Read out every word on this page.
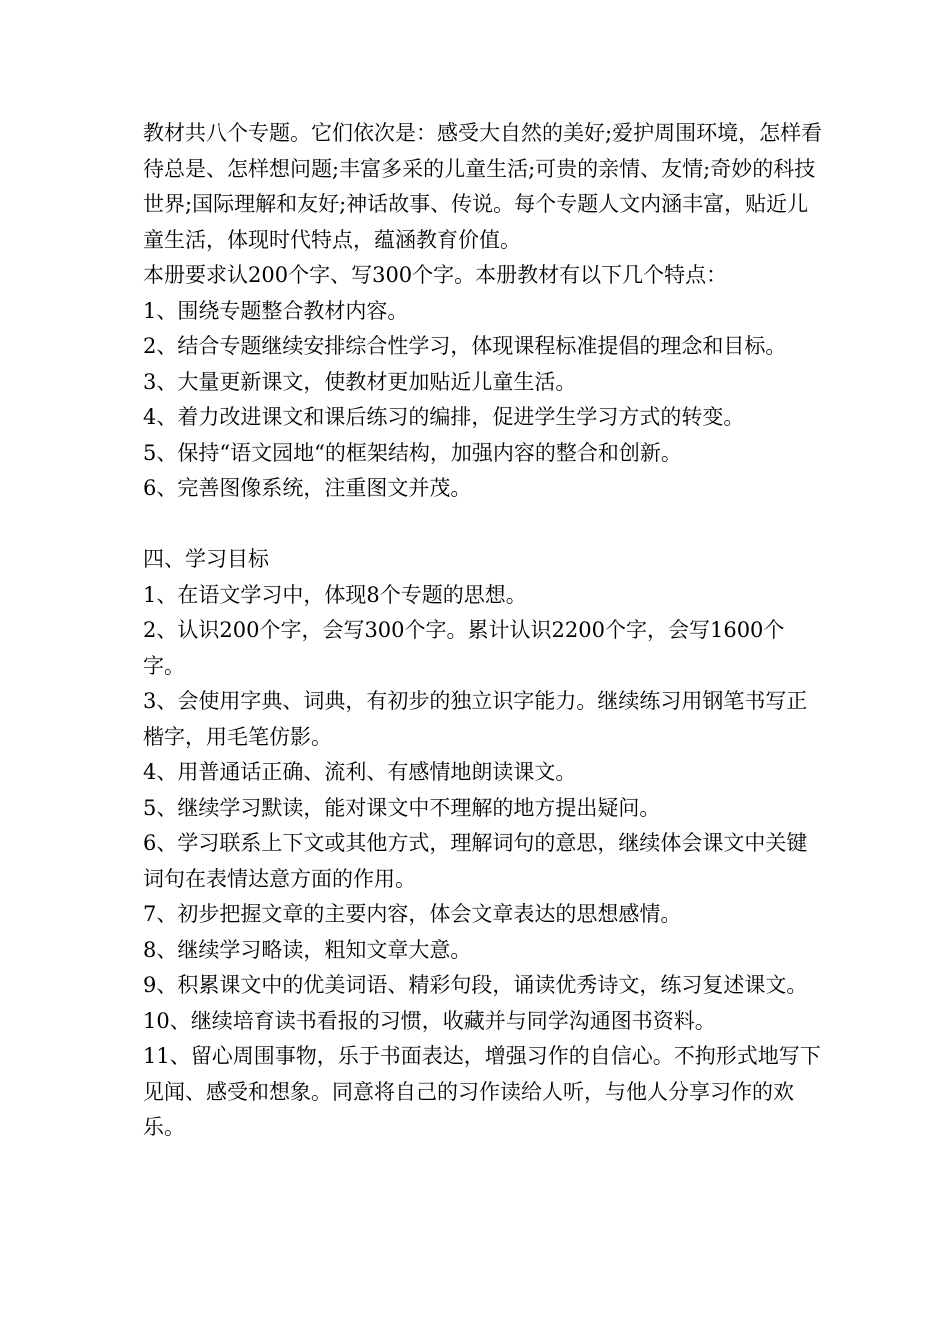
教材共八个专题。它们依次是：感受大自然的美好;爱护周围环境，怎样看待总是、怎样想问题;丰富多采的儿童生活;可贵的亲情、友情;奇妙的科技世界;国际理解和友好;神话故事、传说。每个专题人文内涵丰富，贴近儿童生活，体现时代特点，蕴涵教育价值。

本册要求认200个字、写300个字。本册教材有以下几个特点：

1、围绕专题整合教材内容。

2、结合专题继续安排综合性学习，体现课程标准提倡的理念和目标。

3、大量更新课文，使教材更加贴近儿童生活。

4、着力改进课文和课后练习的编排，促进学生学习方式的转变。

5、保持“语文园地“的框架结构，加强内容的整合和创新。

6、完善图像系统，注重图文并茂。

四、学习目标

1、在语文学习中，体现8个专题的思想。

2、认识200个字，会写300个字。累计认识2200个字，会写1600个字。

3、会使用字典、词典，有初步的独立识字能力。继续练习用钢笔书写正楷字，用毛笔仿影。

4、用普通话正确、流利、有感情地朗读课文。

5、继续学习默读，能对课文中不理解的地方提出疑问。

6、学习联系上下文或其他方式，理解词句的意思，继续体会课文中关键词句在表情达意方面的作用。

7、初步把握文章的主要内容，体会文章表达的思想感情。

8、继续学习略读，粗知文章大意。

9、积累课文中的优美词语、精彩句段，诵读优秀诗文，练习复述课文。

10、继续培育读书看报的习惯，收藏并与同学沟通图书资料。

11、留心周围事物，乐于书面表达，增强习作的自信心。不拘形式地写下见闻、感受和想象。同意将自己的习作读给人听，与他人分享习作的欢乐。
